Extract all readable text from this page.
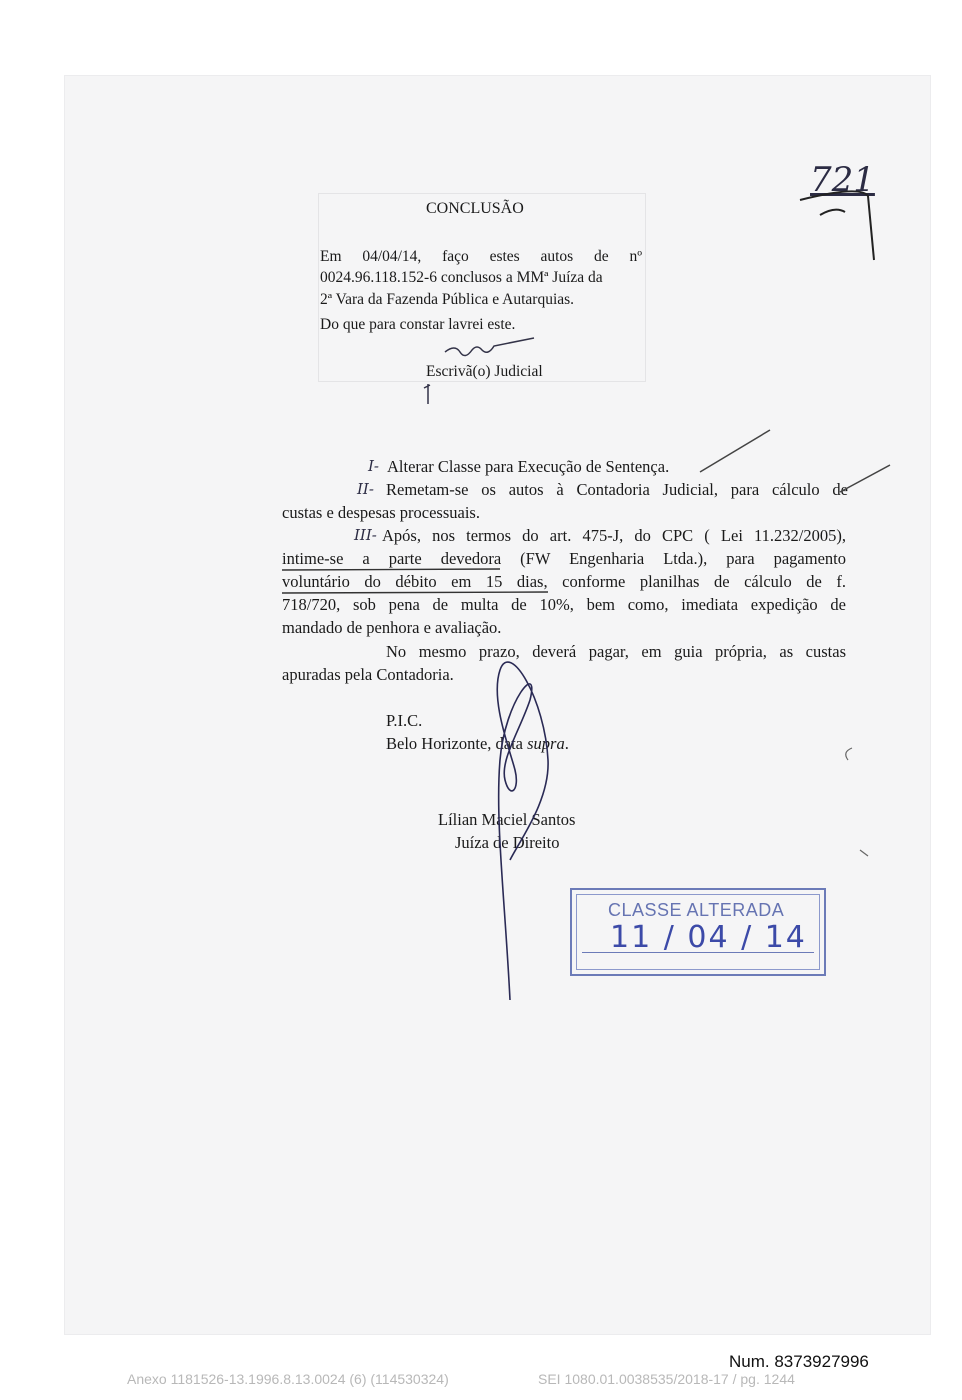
721
CONCLUSÃO
Em 04/04/14, faço estes autos de nº
0024.96.118.152-6 conclusos a MMª Juíza da
2ª Vara da Fazenda Pública e Autarquias.
Do que para constar lavrei este.
Escrivã(o) Judicial
I- Alterar Classe para Execução de Sentença.
II- Remetam-se os autos à Contadoria Judicial, para cálculo de
custas e despesas processuais.
III- Após, nos termos do art. 475-J, do CPC ( Lei 11.232/2005),
intime-se a parte devedora (FW Engenharia Ltda.), para pagamento
voluntário do débito em 15 dias, conforme planilhas de cálculo de f.
718/720, sob pena de multa de 10%, bem como, imediata expedição de
mandado de penhora e avaliação.
No mesmo prazo, deverá pagar, em guia própria, as custas
apuradas pela Contadoria.
P.I.C.
Belo Horizonte, data supra.
Lílian Maciel Santos
Juíza de Direito
CLASSE ALTERADA
11 / 04 / 14
Num. 8373927996
Anexo 1181526-13.1996.8.13.0024 (6) (114530324)	SEI 1080.01.0038535/2018-17 / pg. 1244
